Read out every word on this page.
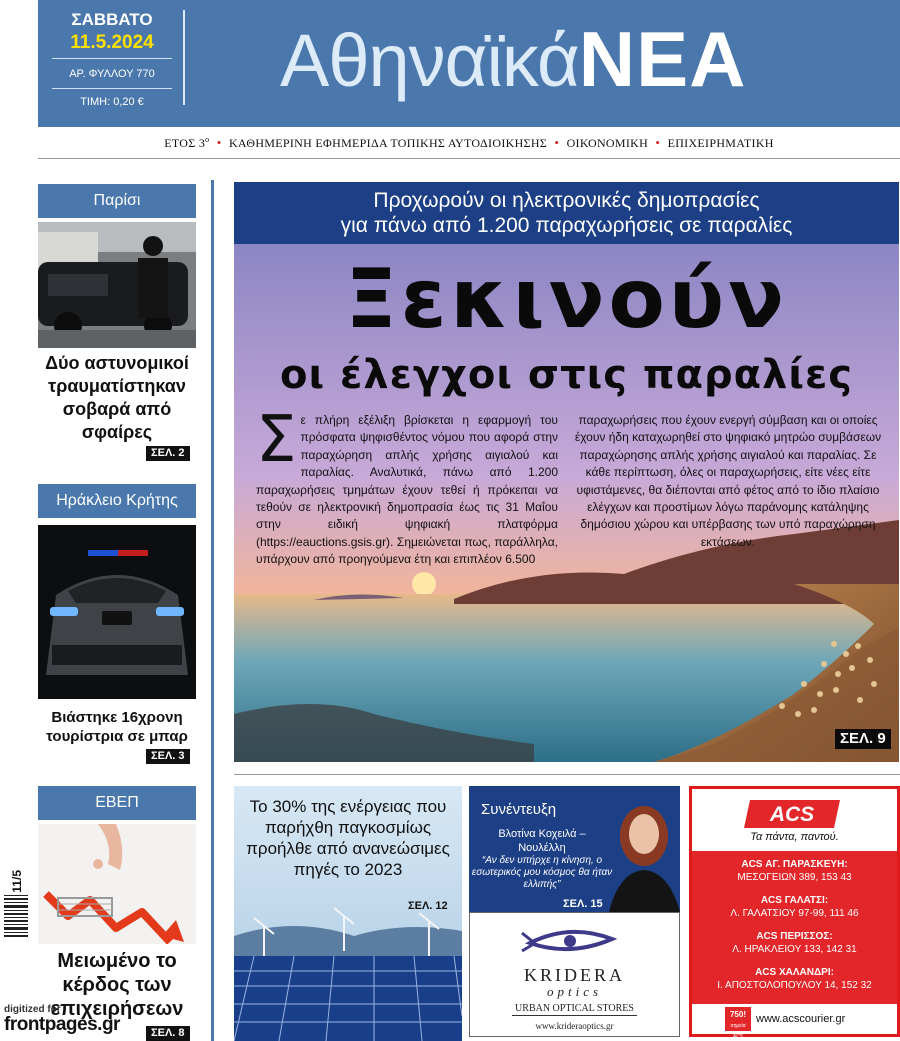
ΣΑΒΒΑΤΟ
11.5.2024
ΑΡ. ΦΥΛΛΟΥ 770
ΤΙΜΗ: 0,20 €	ΑθηναϊκάΝΕΑ
ΕΤΟΣ $3^o$ • ΚΑΘΗΜΕΡΙΝΗ ΕΦΗΜΕΡΙΔΑ ΤΟΠΙΚΗΣ ΑΥΤΟΔΙΟΙΚΗΣΗΣ • ΟΙΚΟΝΟΜΙΚΗ • ΕΠΙΧΕΙΡΗΜΑΤΙΚΗ
Παρίσι
Δύο αστυνομικοί τραυματίστηκαν σοβαρά από σφαίρες
ΣΕΛ. 2
Ηράκλειο Κρήτης
Βιάστηκε 16χρονη τουρίστρια σε μπαρ
ΣΕΛ. 3
ΕΒΕΠ
Μειωμένο το κέρδος των επιχειρήσεων
ΣΕΛ. 8
Προχωρούν οι ηλεκτρονικές δημοπρασίες
για πάνω από 1.200 παραχωρήσεις σε παραλίες
Ξεκινούν
οι έλεγχοι στις παραλίες
Σε πλήρη εξέλιξη βρίσκεται η εφαρμογή του πρόσφατα ψηφισθέντος νόμου που αφορά στην παραχώρηση απλής χρήσης αιγιαλού και παραλίας. Αναλυτικά, πάνω από 1.200 παραχωρήσεις τμημάτων έχουν τεθεί ή πρόκειται να τεθούν σε ηλεκτρονική δημοπρασία έως τις 31 Μαΐου στην ειδική ψηφιακή πλατφόρμα (https://eauctions.gsis.gr). Σημειώνεται πως, παράλληλα, υπάρχουν από προηγούμενα έτη και επιπλέον 6.500
παραχωρήσεις που έχουν ενεργή σύμβαση και οι οποίες έχουν ήδη καταχωρηθεί στο ψηφιακό μητρώο συμβάσεων παραχώρησης απλής χρήσης αιγιαλού και παραλίας. Σε κάθε περίπτωση, όλες οι παραχωρήσεις, είτε νέες είτε υφιστάμενες, θα διέπονται από φέτος από το ίδιο πλαίσιο ελέγχων και προστίμων λόγω παράνομης κατάληψης δημόσιου χώρου και υπέρβασης των υπό παραχώρηση εκτάσεων.
ΣΕΛ. 9
Το 30% της ενέργειας που παρήχθη παγκοσμίως προήλθε από ανανεώσιμες πηγές το 2023
ΣΕΛ. 12
Συνέντευξη
Βλοτίνα Κοχειλά – Νουλέλλη
“Αν δεν υπήρχε η κίνηση, ο εσωτερικός μου κόσμος θα ήταν ελλιπής”
ΣΕΛ. 15
KRIDERA
optics
URBAN OPTICAL STORES
www.kridera​optics.gr
ACS
Τα πάντα, παντού.
ACS ΑΓ. ΠΑΡΑΣΚΕΥΗ:
ΜΕΣΟΓΕΙΩΝ 389, 153 43
ACS ΓΑΛΑΤΣΙ:
Λ. ΓΑΛΑΤΣΙΟΥ 97-99, 111 46
ACS ΠΕΡΙΣΣΟΣ:
Λ. ΗΡΑΚΛΕΙΟΥ 133, 142 31
ACS ΧΑΛΑΝΔΡΙ:
Ι. ΑΠΟΣΤΟΛΟΠΟΥΛΟΥ 14, 152 32
750!
σημεία ACS
www.acscourier.gr
11/5
digitized for
frontpages.gr
